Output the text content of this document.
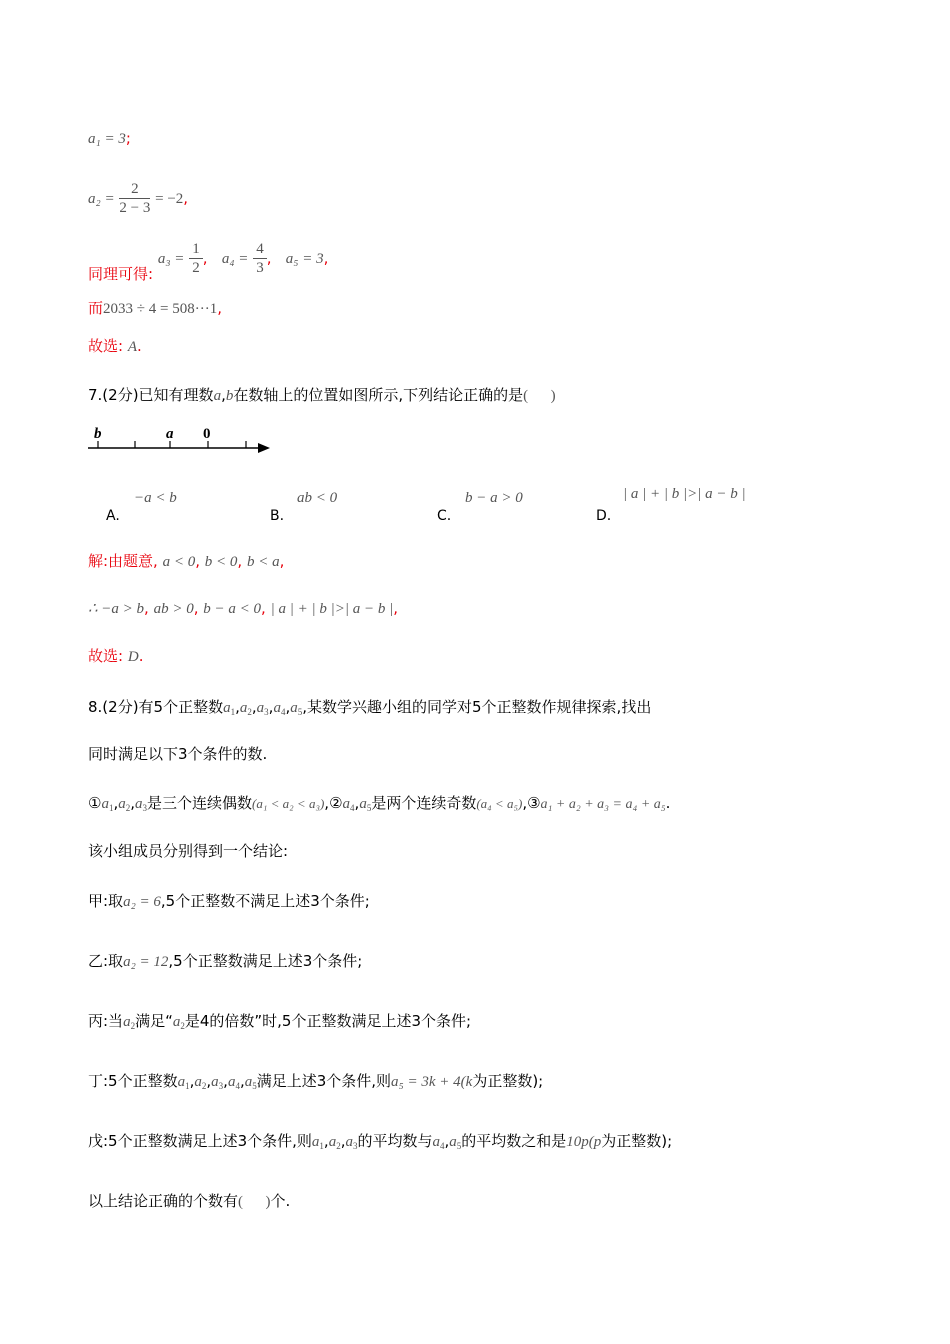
a₁ = 3;
$a_2 = \frac{2}{2 - 3} = -2$,
同理可得: $a_3 = \frac{1}{2}$ , $a_4 = \frac{4}{3}$ , a₅ = 3,
而2033 ÷ 4 = 508···1,
故选: A.
7.(2分)已知有理数a,b在数轴上的位置如图所示,下列结论正确的是(      )
b	a 0
A.
−a < b
B.
ab < 0
C.
b − a > 0
D.
| a | + | b |>| a − b |
解:由题意, a < 0, b < 0, b < a,
∴ −a > b, ab > 0, b − a < 0, | a | + | b |>| a − b |,
故选: D.
8.(2分)有5个正整数$a_1,a_2,a_3,a_4,a_5$,某数学兴趣小组的同学对5个正整数作规律探索,找出
同时满足以下3个条件的数.
$①a_1,a_2,a_3$是三个连续偶数$(a_1 < a_2 < a_3),②a_4,a_5$是两个连续奇数(a₄ < a₅),③a₁ + a₂ + a₃ = a₄ + a₅.
该小组成员分别得到一个结论:
甲:取a₂ = 6,5个正整数不满足上述3个条件;
乙:取a₂ = 12,5个正整数满足上述3个条件;
丙:当$a_2$满足“$a_2$是4的倍数”时,5个正整数满足上述3个条件;
丁:5个正整数$a_1,a_2,a_3,a_4,a_5$满足上述3个条件,则a₅ = 3k + 4(k为正整数);
戊:5个正整数满足上述3个条件,则$a_1,a_2,a_3$的平均数与$a_4,a_5$的平均数之和是10p(p为正整数);
以上结论正确的个数有(      )个.
